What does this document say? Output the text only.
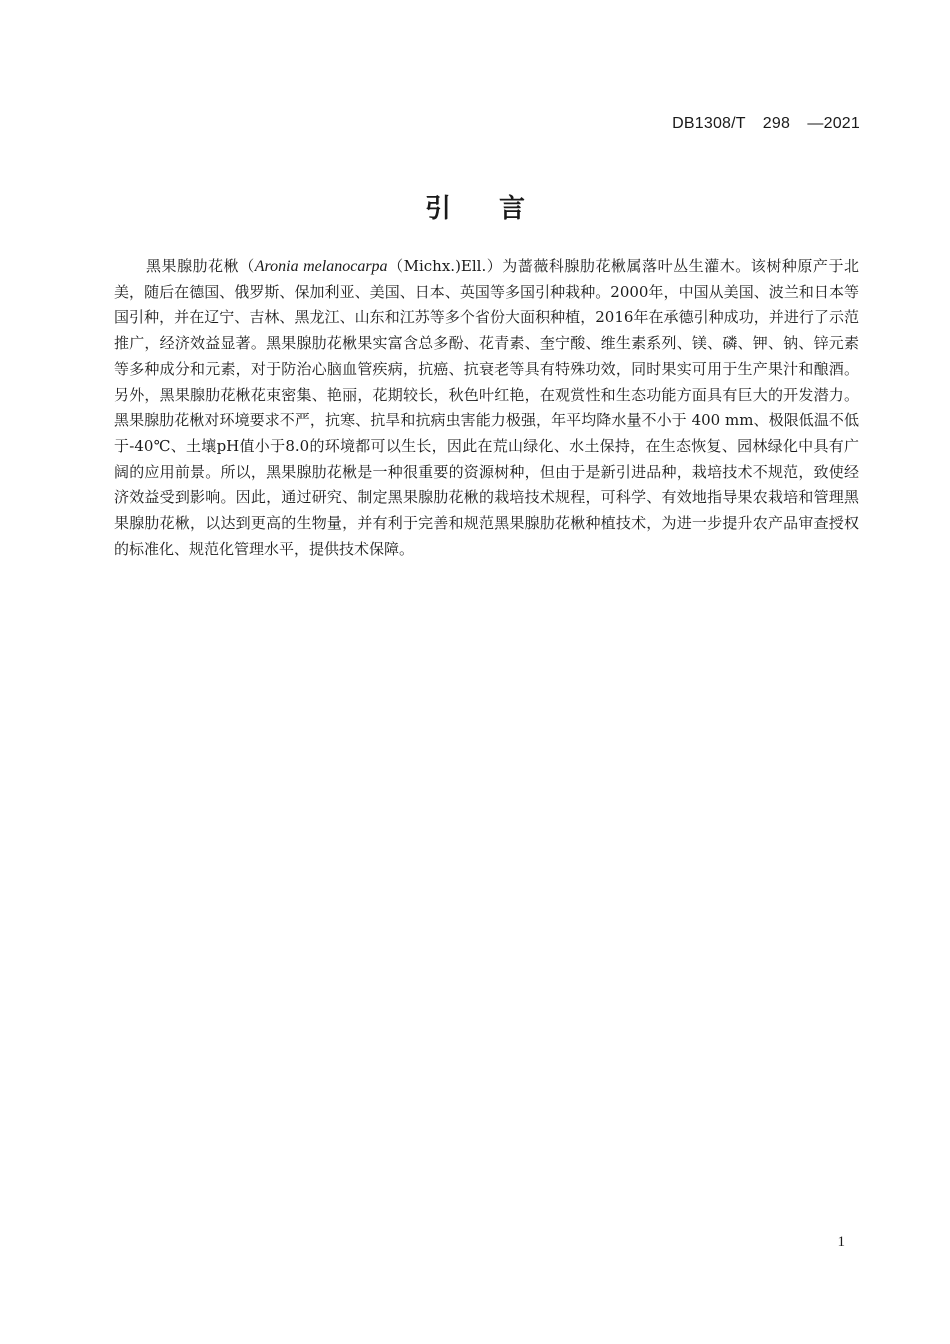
DB1308/T 298 —2021
引 言

黑果腺肋花楸（Aronia melanocarpa（Michx.)Ell.）为蔷薇科腺肋花楸属落叶丛生灌木。该树种原产于北美，随后在德国、俄罗斯、保加利亚、美国、日本、英国等多国引种栽种。2000年，中国从美国、波兰和日本等国引种，并在辽宁、吉林、黑龙江、山东和江苏等多个省份大面积种植，2016年在承德引种成功，并进行了示范推广，经济效益显著。黑果腺肋花楸果实富含总多酚、花青素、奎宁酸、维生素系列、镁、磷、钾、钠、锌元素等多种成分和元素，对于防治心脑血管疾病，抗癌、抗衰老等具有特殊功效，同时果实可用于生产果汁和酿酒。另外，黑果腺肋花楸花束密集、艳丽，花期较长，秋色叶红艳，在观赏性和生态功能方面具有巨大的开发潜力。黑果腺肋花楸对环境要求不严，抗寒、抗旱和抗病虫害能力极强，年平均降水量不小于 400 mm、极限低温不低于-40℃、土壤pH值小于8.0的环境都可以生长，因此在荒山绿化、水土保持，在生态恢复、园林绿化中具有广阔的应用前景。所以，黑果腺肋花楸是一种很重要的资源树种，但由于是新引进品种，栽培技术不规范，致使经济效益受到影响。因此，通过研究、制定黑果腺肋花楸的栽培技术规程，可科学、有效地指导果农栽培和管理黑果腺肋花楸，以达到更高的生物量，并有利于完善和规范黑果腺肋花楸种植技术，为进一步提升农产品审查授权的标准化、规范化管理水平，提供技术保障。

1
